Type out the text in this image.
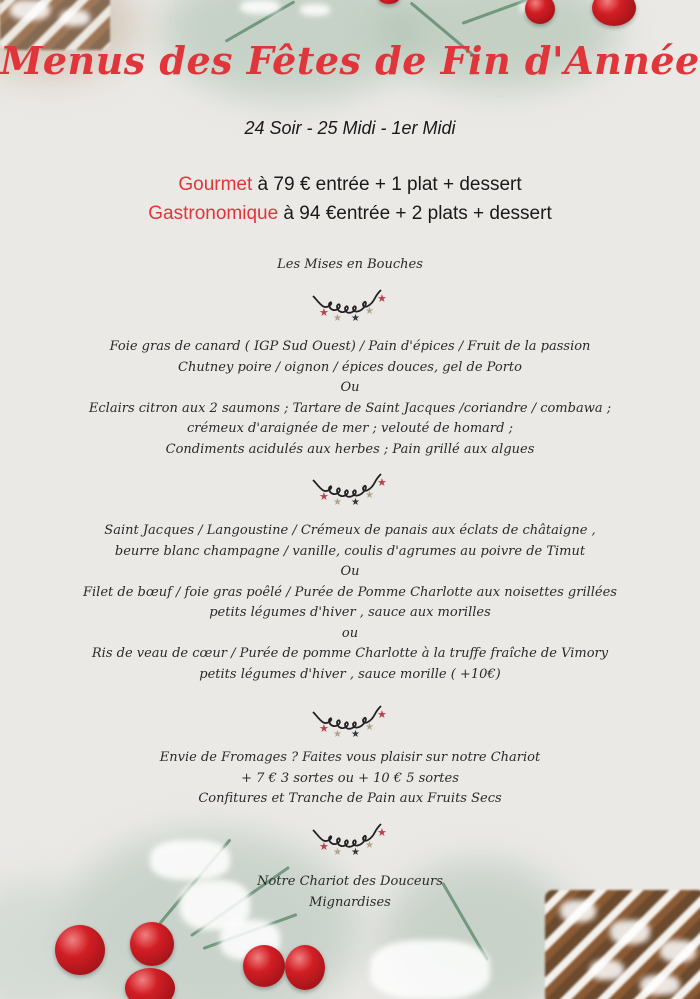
Menus des Fêtes de Fin d'Année
24 Soir - 25 Midi - 1er Midi
Gourmet à 79 € entrée + 1 plat + dessert
Gastronomique à 94 €entrée + 2 plats + dessert
Les Mises en Bouches
★ ★ ★
★
★
Foie gras de canard ( IGP Sud Ouest) / Pain d'épices / Fruit de la passion
Chutney poire / oignon / épices douces, gel de Porto
Ou
Eclairs citron aux 2 saumons ; Tartare de Saint Jacques /coriandre / combawa ;
crémeux d'araignée de mer ; velouté de homard ;
Condiments acidulés aux herbes ; Pain grillé aux algues
★ ★ ★
★
★
Saint Jacques / Langoustine / Crémeux de panais aux éclats de châtaigne ,
beurre blanc champagne / vanille, coulis d'agrumes au poivre de Timut
Ou
Filet de bœuf / foie gras poêlé / Purée de Pomme Charlotte aux noisettes grillées
petits légumes d'hiver , sauce aux morilles
ou
Ris de veau de cœur / Purée de pomme Charlotte à la truffe fraîche de Vimory
petits légumes d'hiver , sauce morille ( +10€)
★ ★ ★
★
★
Envie de Fromages ? Faites vous plaisir sur notre Chariot
+ 7 € 3 sortes ou + 10 € 5 sortes
Confitures et Tranche de Pain aux Fruits Secs
★ ★ ★
★
★
Notre Chariot des Douceurs
Mignardises
